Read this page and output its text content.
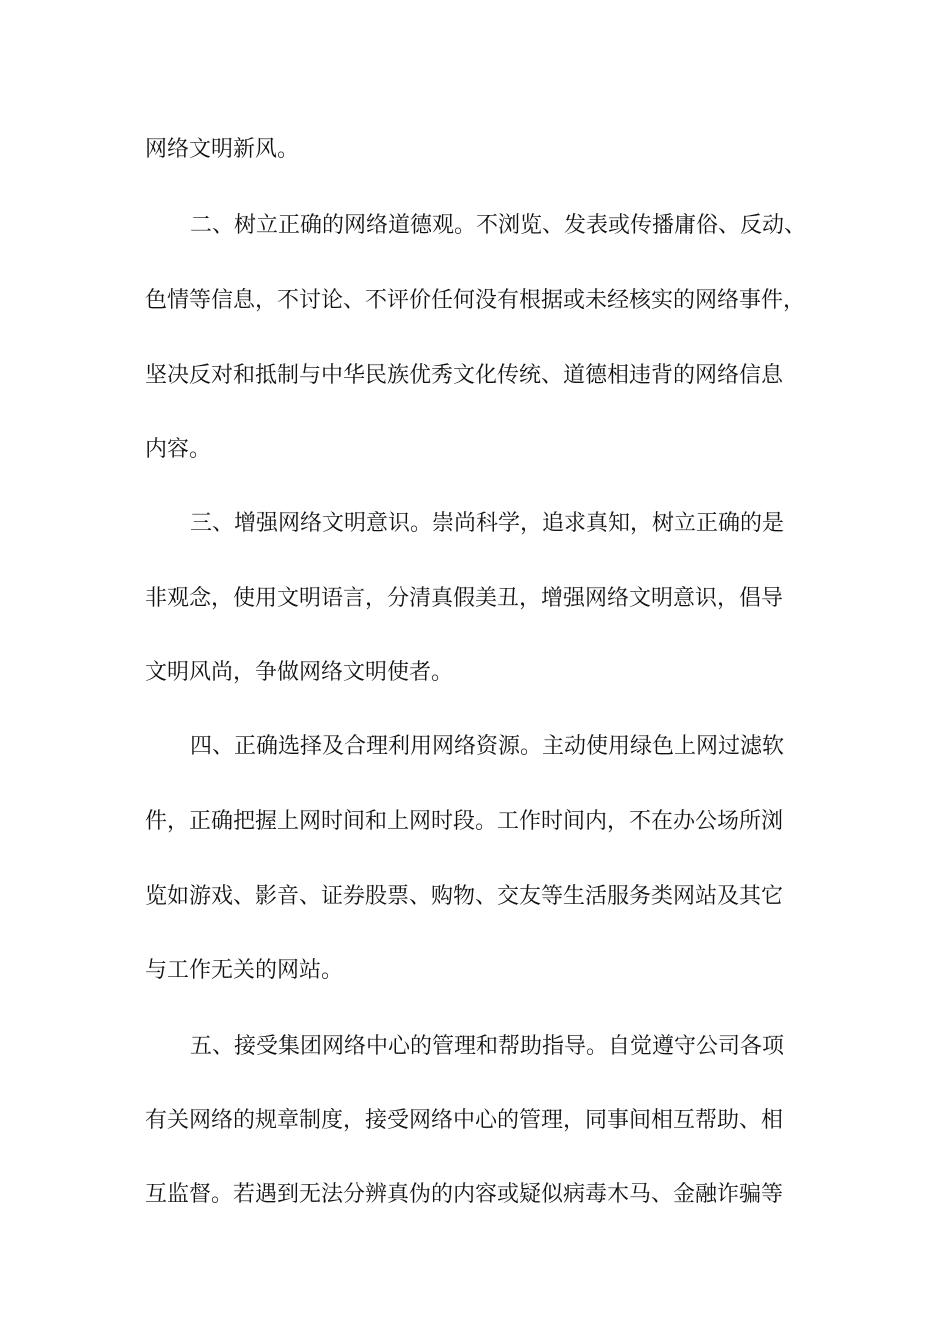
网络文明新风。
二、树立正确的网络道德观。不浏览、发表或传播庸俗、反动、
色情等信息，不讨论、不评价任何没有根据或未经核实的网络事件，
坚决反对和抵制与中华民族优秀文化传统、道德相违背的网络信息
内容。
三、增强网络文明意识。崇尚科学，追求真知，树立正确的是
非观念，使用文明语言，分清真假美丑，增强网络文明意识，倡导
文明风尚，争做网络文明使者。
四、正确选择及合理利用网络资源。主动使用绿色上网过滤软
件，正确把握上网时间和上网时段。工作时间内，不在办公场所浏
览如游戏、影音、证券股票、购物、交友等生活服务类网站及其它
与工作无关的网站。
五、接受集团网络中心的管理和帮助指导。自觉遵守公司各项
有关网络的规章制度，接受网络中心的管理，同事间相互帮助、相
互监督。若遇到无法分辨真伪的内容或疑似病毒木马、金融诈骗等
